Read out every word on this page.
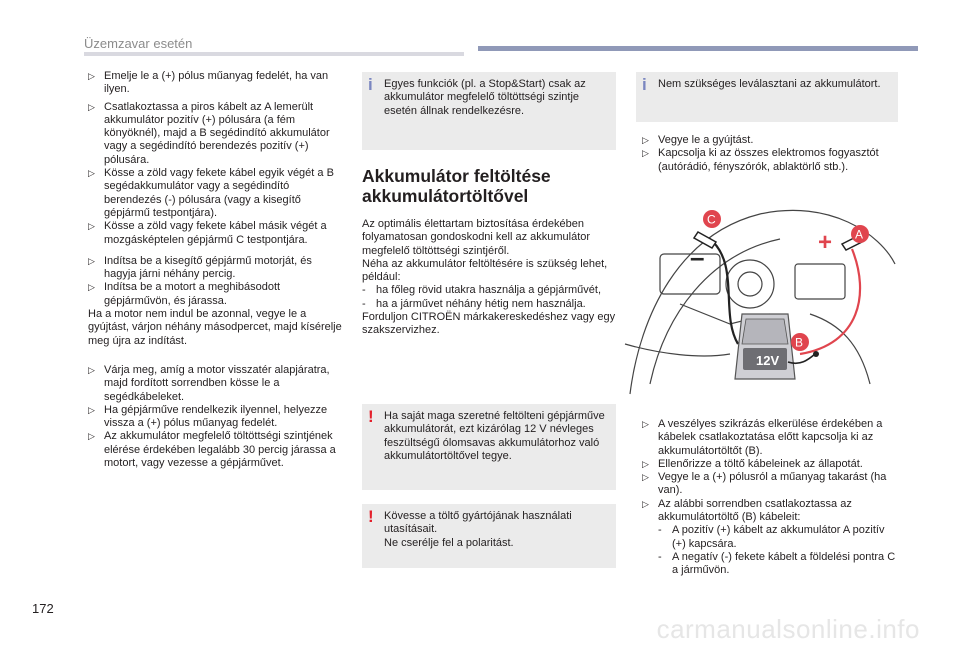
Üzemzavar esetén

▷ Emelje le a (+) pólus műanyag fedelét, ha van ilyen.

▷ Csatlakoztassa a piros kábelt az A lemerült akkumulátor pozitív (+) pólusára (a fém könyöknél), majd a B segédindító akkumulátor vagy a segédindító berendezés pozitív (+) pólusára.

▷ Kösse a zöld vagy fekete kábel egyik végét a B segédakkumulátor vagy a segédindító berendezés (-) pólusára (vagy a kisegítő gépjármű testpontjára).

▷ Kösse a zöld vagy fekete kábel másik végét a mozgásképtelen gépjármű C testpontjára.

▷ Indítsa be a kisegítő gépjármű motorját, és hagyja járni néhány percig.

▷ Indítsa be a motort a meghibásodott gépjárművön, és járassa.

Ha a motor nem indul be azonnal, vegye le a gyújtást, várjon néhány másodpercet, majd kísérelje meg újra az indítást.

▷ Várja meg, amíg a motor visszatér alapjáratra, majd fordított sorrendben kösse le a segédkábeleket.

▷ Ha gépjárműve rendelkezik ilyennel, helyezze vissza a (+) pólus műanyag fedelét.

▷ Az akkumulátor megfelelő töltöttségi szintjének elérése érdekében legalább 30 percig járassa a motort, vagy vezesse a gépjárművet.

i	Egyes funkciók (pl. a Stop&Start) csak az akkumulátor megfelelő töltöttségi szintje esetén állnak rendelkezésre.
Akkumulátor feltöltése akkumulátortöltővel

Az optimális élettartam biztosítása érdekében folyamatosan gondoskodni kell az akkumulátor megfelelő töltöttségi szintjéről.

Néha az akkumulátor feltöltésére is szükség lehet, például:

- ha főleg rövid utakra használja a gépjárművét,

- ha a járművet néhány hétig nem használja.

Forduljon CITROËN márkakereskedéshez vagy egy szakszervizhez.

! Ha saját maga szeretné feltölteni gépjárműve akkumulátorát, ezt kizárólag 12 V névleges feszültségű ólomsavas akkumulátorhoz való akkumulátortöltővel tegye.
! Kövesse a töltő gyártójának használati utasításait.
Ne cserélje fel a polaritást.
i	Nem szükséges leválasztani az akkumulátort.

▷ Vegye le a gyújtást.

▷ Kapcsolja ki az összes elektromos fogyasztót (autórádió, fényszórók, ablaktörlő stb.).

12V
–	+
C
A
B

▷ A veszélyes szikrázás elkerülése érdekében a kábelek csatlakoztatása előtt kapcsolja ki az akkumulátortöltőt (B).

▷ Ellenőrizze a töltő kábeleinek az állapotát.

▷ Vegye le a (+) pólusról a műanyag takarást (ha van).

▷ Az alábbi sorrendben csatlakoztassa az akkumulátortöltő (B) kábeleit:

- A pozitív (+) kábelt az akkumulátor A pozitív (+) kapcsára.

- A negatív (-) fekete kábelt a földelési pontra C a járművön.

172
carmanualsonline.info
